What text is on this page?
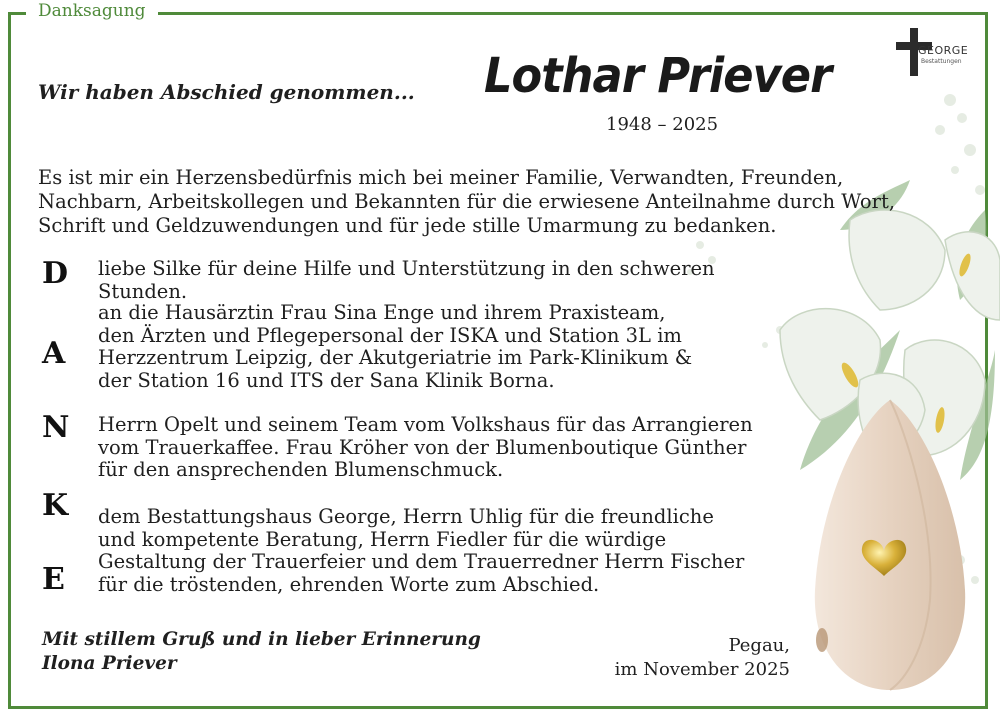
Danksagung
GEORGE
Bestattungen
Wir haben Abschied genommen... Lothar Priever
1948 – 2025

Es ist mir ein Herzensbedürfnis mich bei meiner Familie, Verwandten, Freunden, Nachbarn, Arbeitskollegen und Bekannten für die erwiesene Anteilnahme durch Wort, Schrift und Geldzuwendungen und für jede stille Umarmung zu bedanken.

D
A
N
K
E

liebe Silke für deine Hilfe und Unterstützung in den schweren Stunden.

an die Hausärztin Frau Sina Enge und ihrem Praxisteam,
den Ärzten und Pflegepersonal der ISKA und Station 3L im
Herzzentrum Leipzig, der Akutgeriatrie im Park-Klinikum &
der Station 16 und ITS der Sana Klinik Borna.

Herrn Opelt und seinem Team vom Volkshaus für das Arrangieren
vom Trauerkaffee. Frau Kröher von der Blumenboutique Günther
für den ansprechenden Blumenschmuck.

dem Bestattungshaus George, Herrn Uhlig für die freundliche
und kompetente Beratung, Herrn Fiedler für die würdige
Gestaltung der Trauerfeier und dem Trauerredner Herrn Fischer
für die tröstenden, ehrenden Worte zum Abschied.

Mit stillem Gruß und in lieber Erinnerung
Ilona Priever
Pegau,
im November 2025
